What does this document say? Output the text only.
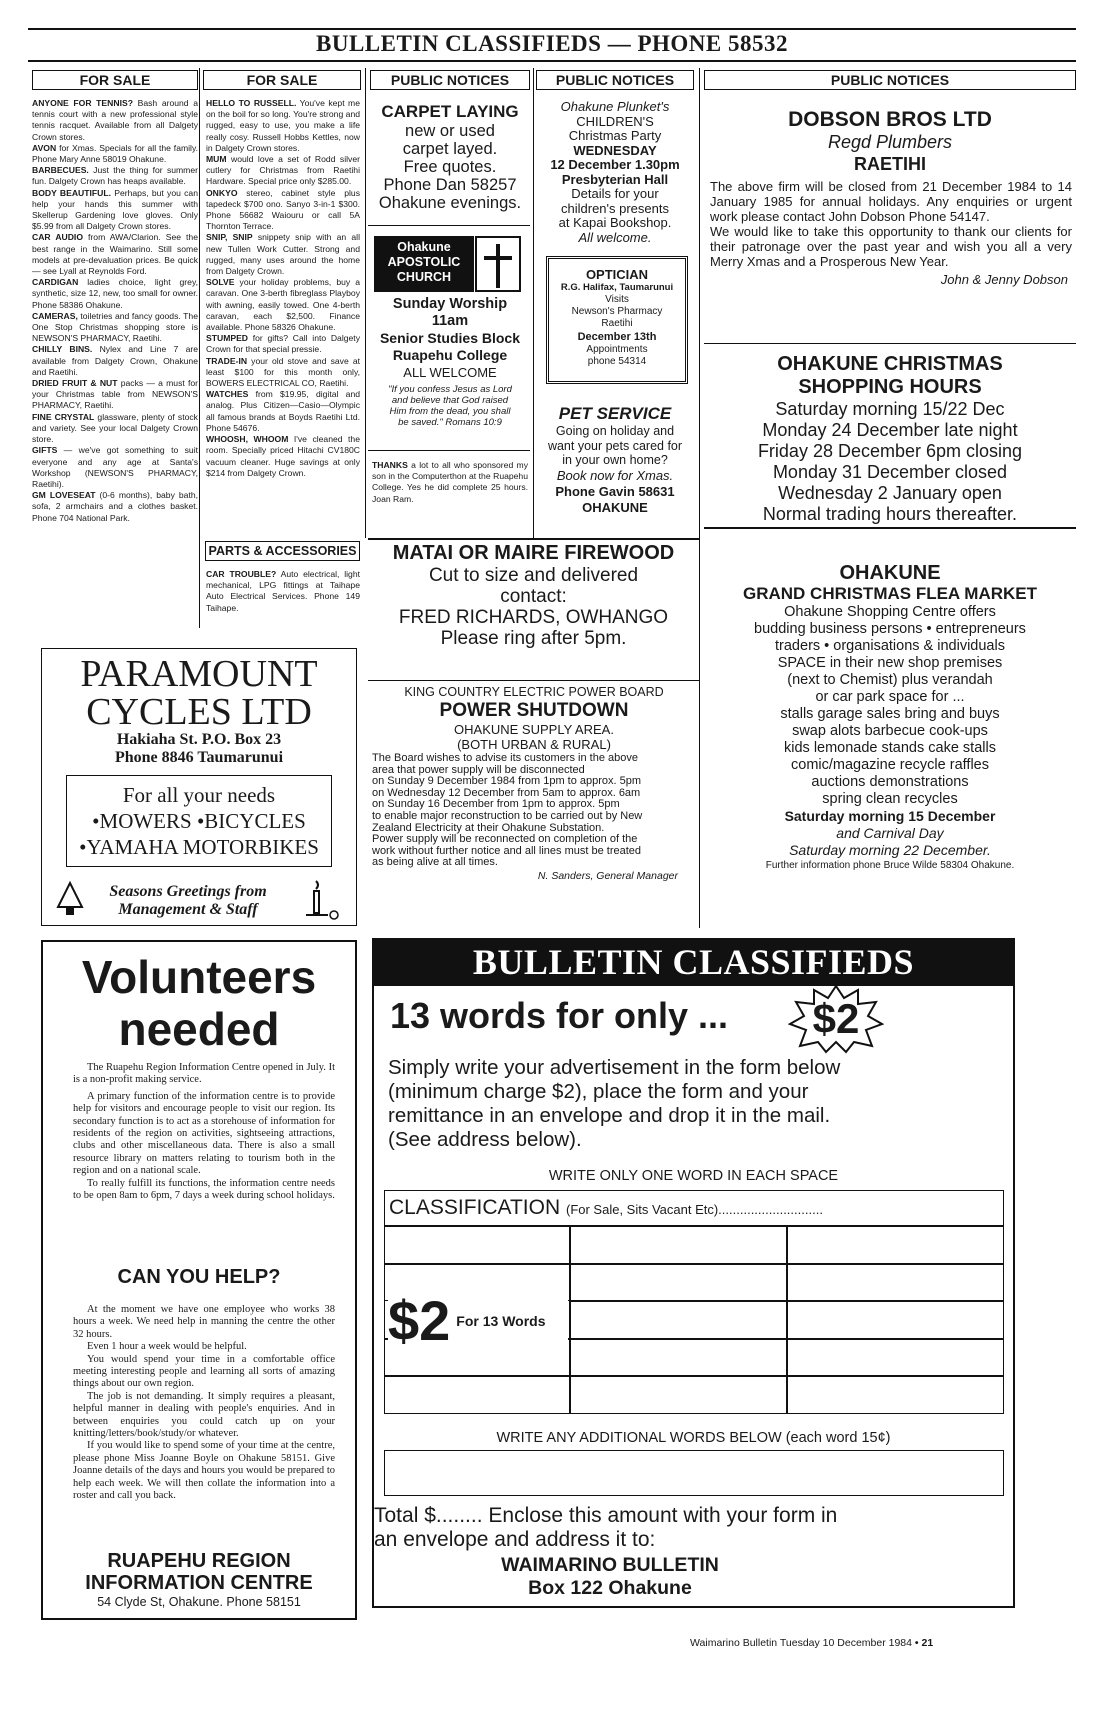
BULLETIN CLASSIFIEDS — PHONE 58532
FOR SALE	FOR SALE	PUBLIC NOTICES	PUBLIC NOTICES	PUBLIC NOTICES

ANYONE FOR TENNIS? Bash around a tennis court with a new professional style tennis racquet. Available from all Dalgety Crown stores.

AVON for Xmas. Specials for all the family. Phone Mary Anne 58019 Ohakune.

BARBECUES. Just the thing for summer fun. Dalgety Crown has heaps available.

BODY BEAUTIFUL. Perhaps, but you can help your hands this summer with Skellerup Gardening love gloves. Only $5.99 from all Dalgety Crown stores.

CAR AUDIO from AWA/Clarion. See the best range in the Waimarino. Still some models at pre-devaluation prices. Be quick — see Lyall at Reynolds Ford.

CARDIGAN ladies choice, light grey, synthetic, size 12, new, too small for owner. Phone 58386 Ohakune.

CAMERAS, toiletries and fancy goods. The One Stop Christmas shopping store is NEWSON'S PHARMACY, Raetihi.

CHILLY BINS. Nylex and Line 7 are available from Dalgety Crown, Ohakune and Raetihi.

DRIED FRUIT & NUT packs — a must for your Christmas table from NEWSON'S PHARMACY, Raetihi.

FINE CRYSTAL glassware, plenty of stock and variety. See your local Dalgety Crown store.

GIFTS — we've got something to suit everyone and any age at Santa's Workshop (NEWSON'S PHARMACY, Raetihi).

GM LOVESEAT (0-6 months), baby bath, sofa, 2 armchairs and a clothes basket. Phone 704 National Park.

HELLO TO RUSSELL. You've kept me on the boil for so long. You're strong and rugged, easy to use, you make a life really cosy. Russell Hobbs Kettles, now in Dalgety Crown stores.

MUM would love a set of Rodd silver cutlery for Christmas from Raetihi Hardware. Special price only $285.00.

ONKYO stereo, cabinet style plus tapedeck $700 ono. Sanyo 3-in-1 $300. Phone 56682 Waiouru or call 5A Thornton Terrace.

SNIP, SNIP snippety snip with an all new Tullen Work Cutter. Strong and rugged, many uses around the home from Dalgety Crown.

SOLVE your holiday problems, buy a caravan. One 3-berth fibreglass Playboy with awning, easily towed. One 4-berth caravan, each $2,500. Finance available. Phone 58326 Ohakune.

STUMPED for gifts? Call into Dalgety Crown for that special pressie.

TRADE-IN your old stove and save at least $100 for this month only, BOWERS ELECTRICAL CO, Raetihi.

WATCHES from $19.95, digital and analog. Plus Citizen—Casio—Olympic all famous brands at Boyds Raetihi Ltd. Phone 54676.

WHOOSH, WHOOM I've cleaned the room. Specially priced Hitachi CV180C vacuum cleaner. Huge savings at only $214 from Dalgety Crown.

PARTS & ACCESSORIES
CAR TROUBLE? Auto electrical, light mechanical, LPG fittings at Taihape Auto Electrical Services. Phone 149 Taihape.
CARPET LAYING
new or used
carpet layed.
Free quotes.
Phone Dan 58257
Ohakune evenings.
Ohakune
APOSTOLIC
CHURCH
Sunday Worship
11am
Senior Studies Block
Ruapehu College
ALL WELCOME
"If you confess Jesus as Lord
and believe that God raised
Him from the dead, you shall
be saved." Romans 10:9
THANKS a lot to all who sponsored my son in the Computerthon at the Ruapehu College. Yes he did complete 25 hours. Joan Ram.
Ohakune Plunket's
CHILDREN'S
Christmas Party
WEDNESDAY
12 December 1.30pm
Presbyterian Hall
Details for your
children's presents
at Kapai Bookshop.
All welcome.
OPTICIAN
R.G. Halifax, Taumarunui
Visits
Newson's Pharmacy
Raetihi
December 13th
Appointments
phone 54314
PET SERVICE
Going on holiday and
want your pets cared for
in your own home?
Book now for Xmas.
Phone Gavin 58631
OHAKUNE
DOBSON BROS LTD
Regd Plumbers
RAETIHI
The above firm will be closed from 21 December 1984 to 14 January 1985 for annual holidays. Any enquiries or urgent work please contact John Dobson Phone 54147.
We would like to take this opportunity to thank our clients for their patronage over the past year and wish you all a very Merry Xmas and a Prosperous New Year.
John & Jenny Dobson
OHAKUNE CHRISTMAS
SHOPPING HOURS
Saturday morning 15/22 Dec
Monday 24 December late night
Friday 28 December 6pm closing
Monday 31 December closed
Wednesday 2 January open
Normal trading hours thereafter.
MATAI OR MAIRE FIREWOOD
Cut to size and delivered
contact:
FRED RICHARDS, OWHANGO
Please ring after 5pm.
KING COUNTRY ELECTRIC POWER BOARD
POWER SHUTDOWN
OHAKUNE SUPPLY AREA.
(BOTH URBAN & RURAL)
The Board wishes to advise its customers in the above
area that power supply will be disconnected
on Sunday 9 December 1984 from 1pm to approx. 5pm
on Wednesday 12 December from 5am to approx. 6am
on Sunday 16 December from 1pm to approx. 5pm
to enable major reconstruction to be carried out by New
Zealand Electricity at their Ohakune Substation.
Power supply will be reconnected on completion of the
work without further notice and all lines must be treated
as being alive at all times.
N. Sanders, General Manager
OHAKUNE
GRAND CHRISTMAS FLEA MARKET
Ohakune Shopping Centre offers
budding business persons • entrepreneurs
traders • organisations & individuals
SPACE in their new shop premises
(next to Chemist) plus verandah
or car park space for ...
stalls garage sales bring and buys
swap alots barbecue cook-ups
kids lemonade stands cake stalls
comic/magazine recycle raffles
auctions demonstrations
spring clean recycles
Saturday morning 15 December
and Carnival Day
Saturday morning 22 December.
Further information phone Bruce Wilde 58304 Ohakune.
PARAMOUNT
CYCLES LTD
Hakiaha St. P.O. Box 23
Phone 8846 Taumarunui
For all your needs
•MOWERS •BICYCLES
•YAMAHA MOTORBIKES
Seasons Greetings from
Management & Staff
Volunteers
needed

The Ruapehu Region Information Centre opened in July. It is a non-profit making service.

A primary function of the information centre is to provide help for visitors and encourage people to visit our region. Its secondary function is to act as a storehouse of information for residents of the region on activities, sightseeing attractions, clubs and other miscellaneous data. There is also a small resource library on matters relating to tourism both in the region and on a national scale.

To really fulfill its functions, the information centre needs to be open 8am to 6pm, 7 days a week during school holidays.

CAN YOU HELP?

At the moment we have one employee who works 38 hours a week. We need help in manning the centre the other 32 hours.

Even 1 hour a week would be helpful.

You would spend your time in a comfortable office meeting interesting people and learning all sorts of amazing things about our own region.

The job is not demanding. It simply requires a pleasant, helpful manner in dealing with people's enquiries. And in between enquiries you could catch up on your knitting/letters/book/study/or whatever.

If you would like to spend some of your time at the centre, please phone Miss Joanne Boyle on Ohakune 58151. Give Joanne details of the days and hours you would be prepared to help each week. We will then collate the information into a roster and call you back.

RUAPEHU REGION
INFORMATION CENTRE
54 Clyde St, Ohakune. Phone 58151
BULLETIN CLASSIFIEDS
13 words for only ...	$2
Simply write your advertisement in the form below
(minimum charge $2), place the form and your
remittance in an envelope and drop it in the mail.
(See address below).
WRITE ONLY ONE WORD IN EACH SPACE
CLASSIFICATION (For Sale, Sits Vacant Etc).............................
$2 For 13 Words
WRITE ANY ADDITIONAL WORDS BELOW (each word 15¢)
Total $........ Enclose this amount with your form in
an envelope and address it to:
WAIMARINO BULLETIN
Box 122 Ohakune
Waimarino Bulletin Tuesday 10 December 1984 • 21
